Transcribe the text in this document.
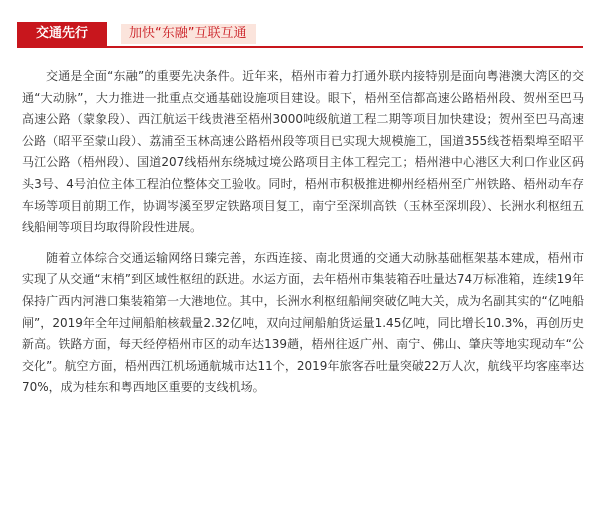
交通先行	加快“东融”互联互通

交通是全面“东融”的重要先决条件。近年来，梧州市着力打通外联内接特别是面向粤港澳大湾区的交通“大动脉”，大力推进一批重点交通基础设施项目建设。眼下，梧州至信都高速公路梧州段、贺州至巴马高速公路（蒙象段）、西江航运干线贵港至梧州3000吨级航道工程二期等项目加快建设；贺州至巴马高速公路（昭平至蒙山段）、荔浦至玉林高速公路梧州段等项目已实现大规模施工，国道355线苍梧梨埠至昭平马江公路（梧州段）、国道207线梧州东绕城过境公路项目主体工程完工；梧州港中心港区大利口作业区码头3号、4号泊位主体工程泊位整体交工验收。同时，梧州市积极推进柳州经梧州至广州铁路、梧州动车存车场等项目前期工作，协调岑溪至罗定铁路项目复工，南宁至深圳高铁（玉林至深圳段）、长洲水利枢纽五线船闸等项目均取得阶段性进展。

随着立体综合交通运输网络日臻完善，东西连接、南北贯通的交通大动脉基础框架基本建成，梧州市实现了从交通“末梢”到区域性枢纽的跃进。水运方面，去年梧州市集装箱吞吐量达74万标准箱，连续19年保持广西内河港口集装箱第一大港地位。其中，长洲水利枢纽船闸突破亿吨大关，成为名副其实的“亿吨船闸”，2019年全年过闸船舶核载量2.32亿吨，双向过闸船舶货运量1.45亿吨，同比增长10.3%，再创历史新高。铁路方面，每天经停梧州市区的动车达139趟，梧州往返广州、南宁、佛山、肇庆等地实现动车“公交化”。航空方面，梧州西江机场通航城市达11个，2019年旅客吞吐量突破22万人次，航线平均客座率达70%，成为桂东和粤西地区重要的支线机场。
